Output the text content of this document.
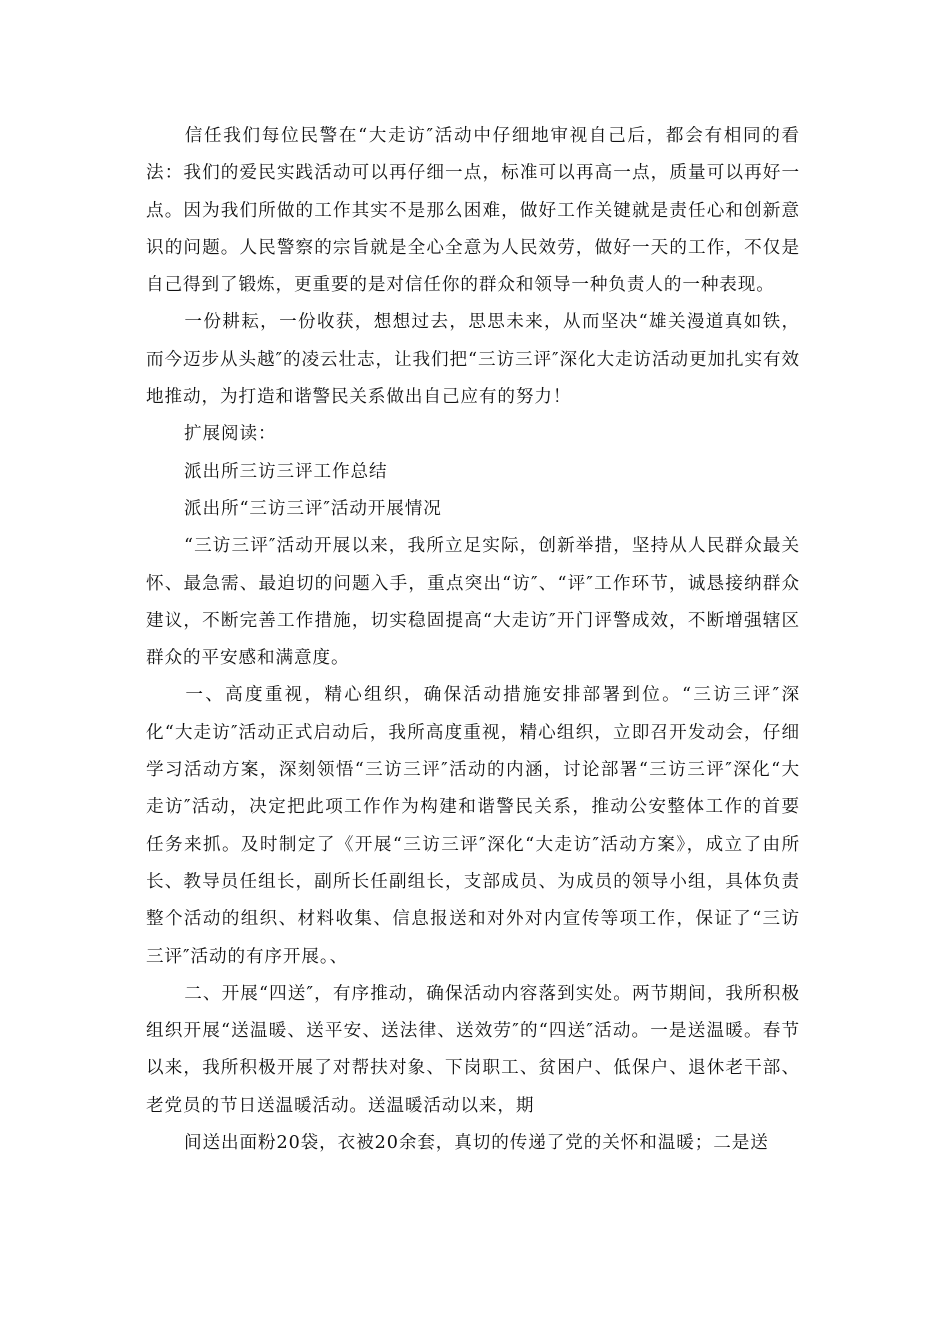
信任我们每位民警在“大走访″活动中仔细地审视自己后，都会有相同的看法：我们的爱民实践活动可以再仔细一点，标准可以再高一点，质量可以再好一点。因为我们所做的工作其实不是那么困难，做好工作关键就是责任心和创新意识的问题。人民警察的宗旨就是全心全意为人民效劳，做好一天的工作，不仅是自己得到了锻炼，更重要的是对信任你的群众和领导一种负责人的一种表现。

一份耕耘，一份收获，想想过去，思思未来，从而坚决“雄关漫道真如铁，而今迈步从头越″的凌云壮志，让我们把“三访三评″深化大走访活动更加扎实有效地推动，为打造和谐警民关系做出自己应有的努力！

扩展阅读：

派出所三访三评工作总结

派出所“三访三评″活动开展情况

“三访三评″活动开展以来，我所立足实际，创新举措，坚持从人民群众最关怀、最急需、最迫切的问题入手，重点突出“访″、“评″工作环节，诚恳接纳群众建议，不断完善工作措施，切实稳固提高“大走访″开门评警成效，不断增强辖区群众的平安感和满意度。

一、高度重视，精心组织，确保活动措施安排部署到位。“三访三评″深化“大走访″活动正式启动后，我所高度重视，精心组织，立即召开发动会，仔细学习活动方案，深刻领悟“三访三评″活动的内涵，讨论部署“三访三评″深化“大走访″活动，决定把此项工作作为构建和谐警民关系，推动公安整体工作的首要任务来抓。及时制定了《开展“三访三评″深化“大走访″活动方案》，成立了由所长、教导员任组长，副所长任副组长，支部成员、为成员的领导小组，具体负责整个活动的组织、材料收集、信息报送和对外对内宣传等项工作，保证了“三访三评″活动的有序开展。、

二、开展“四送″，有序推动，确保活动内容落到实处。两节期间，我所积极组织开展“送温暖、送平安、送法律、送效劳″的“四送″活动。一是送温暖。春节以来，我所积极开展了对帮扶对象、下岗职工、贫困户、低保户、退休老干部、老党员的节日送温暖活动。送温暖活动以来，期

间送出面粉20袋，衣被20余套，真切的传递了党的关怀和温暖；二是送
